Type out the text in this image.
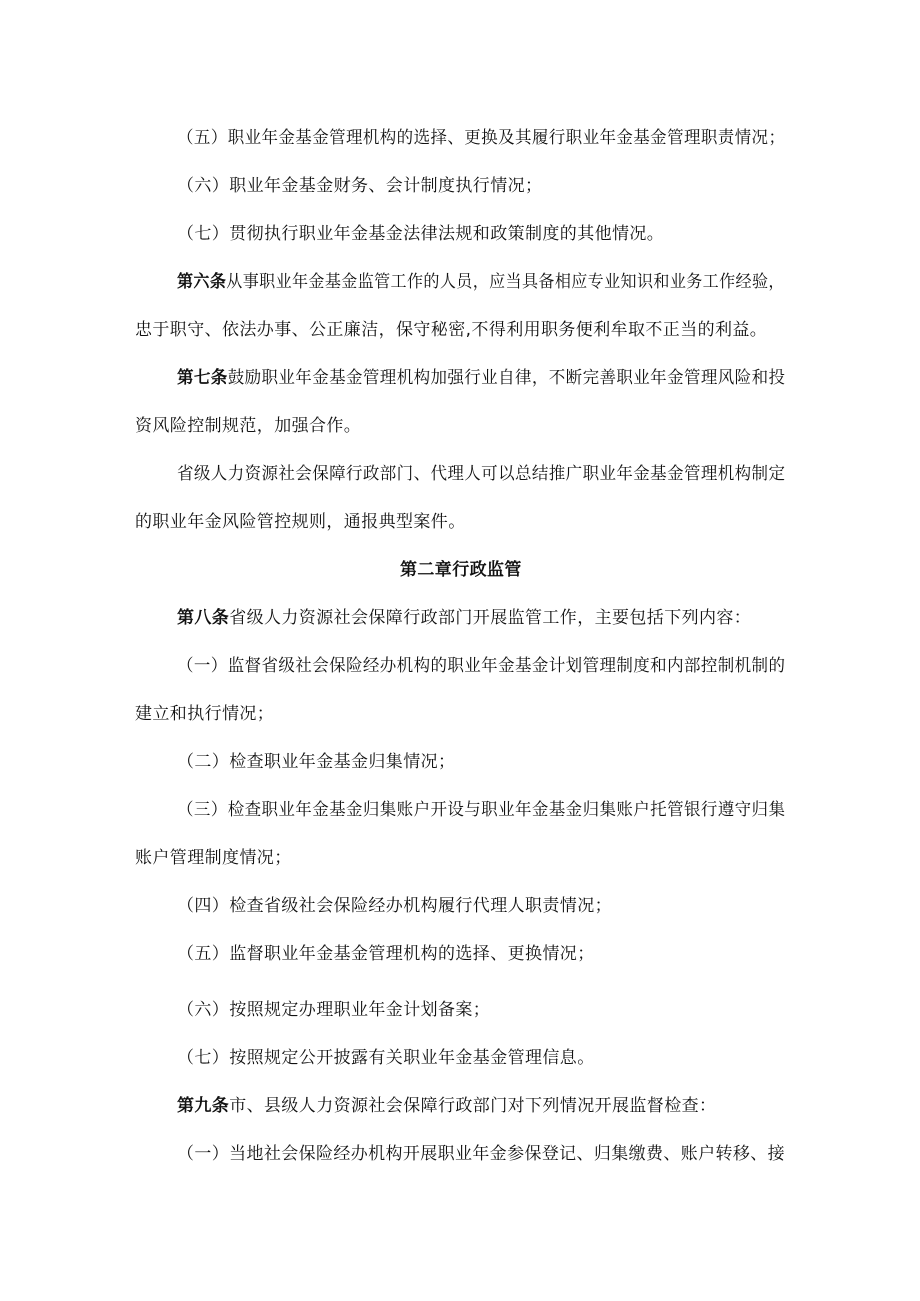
（五）职业年金基金管理机构的选择、更换及其履行职业年金基金管理职责情况；
（六）职业年金基金财务、会计制度执行情况；
（七）贯彻执行职业年金基金法律法规和政策制度的其他情况。
第六条从事职业年金基金监管工作的人员，应当具备相应专业知识和业务工作经验，
忠于职守、依法办事、公正廉洁，保守秘密,不得利用职务便利牟取不正当的利益。
第七条鼓励职业年金基金管理机构加强行业自律，不断完善职业年金管理风险和投
资风险控制规范，加强合作。
省级人力资源社会保障行政部门、代理人可以总结推广职业年金基金管理机构制定
的职业年金风险管控规则，通报典型案件。
第二章行政监管
第八条省级人力资源社会保障行政部门开展监管工作，主要包括下列内容：
（一）监督省级社会保险经办机构的职业年金基金计划管理制度和内部控制机制的
建立和执行情况；
（二）检查职业年金基金归集情况；
（三）检查职业年金基金归集账户开设与职业年金基金归集账户托管银行遵守归集
账户管理制度情况；
（四）检查省级社会保险经办机构履行代理人职责情况；
（五）监督职业年金基金管理机构的选择、更换情况；
（六）按照规定办理职业年金计划备案；
（七）按照规定公开披露有关职业年金基金管理信息。
第九条市、县级人力资源社会保障行政部门对下列情况开展监督检查：
（一）当地社会保险经办机构开展职业年金参保登记、归集缴费、账户转移、接
